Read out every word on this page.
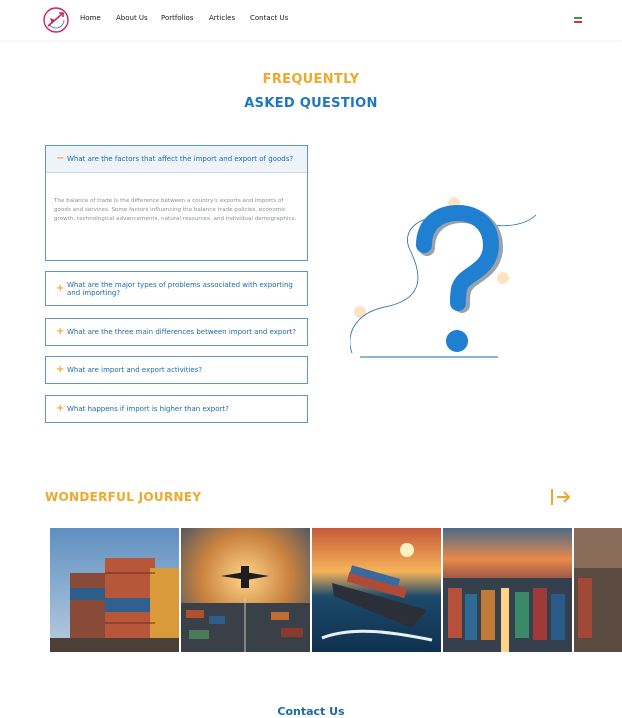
Home	About Us	Portfolios	Articles	Contact Us
FREQUENTLY
ASKED QUESTION
− What are the factors that affect the import and export of goods?
The balance of trade is the difference between a country's exports and imports of goods and services. Some factors influencing the balance trade policies, economic growth, technological advancements, natural resources, and individual demographics.
+ What are the major types of problems associated with exporting and importing?
+ What are the three main differences between import and export?
+ What are import and export activities?
+ What happens if import is higher than export?
WONDERFUL JOURNEY
Contact Us
